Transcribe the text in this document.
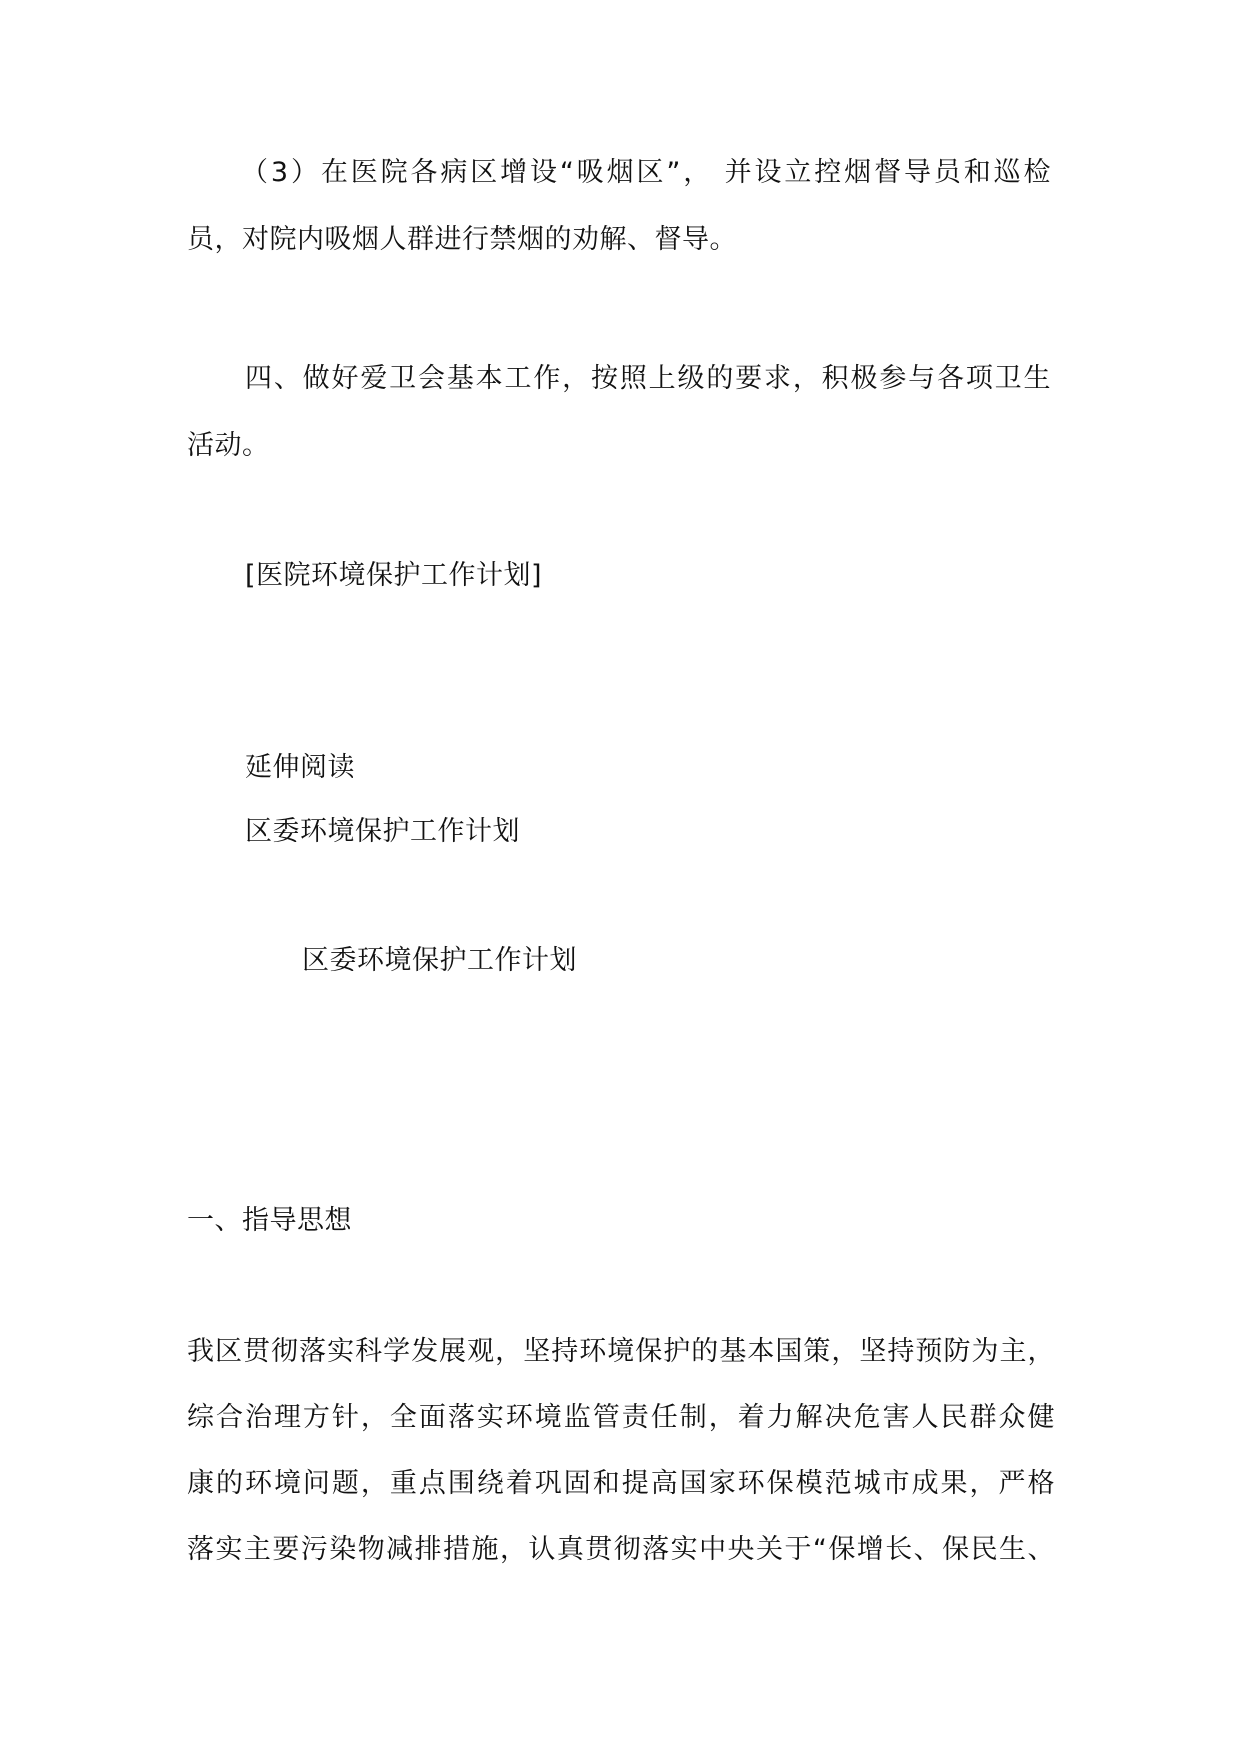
（3）在医院各病区增设“吸烟区”， 并设立控烟督导员和巡检
员，对院内吸烟人群进行禁烟的劝解、督导。
四、做好爱卫会基本工作，按照上级的要求，积极参与各项卫生
活动。
[医院环境保护工作计划]
延伸阅读
区委环境保护工作计划
区委环境保护工作计划
一、指导思想
我区贯彻落实科学发展观，坚持环境保护的基本国策，坚持预防为主，
综合治理方针，全面落实环境监管责任制，着力解决危害人民群众健
康的环境问题，重点围绕着巩固和提高国家环保模范城市成果，严格
落实主要污染物减排措施，认真贯彻落实中央关于“保增长、保民生、
